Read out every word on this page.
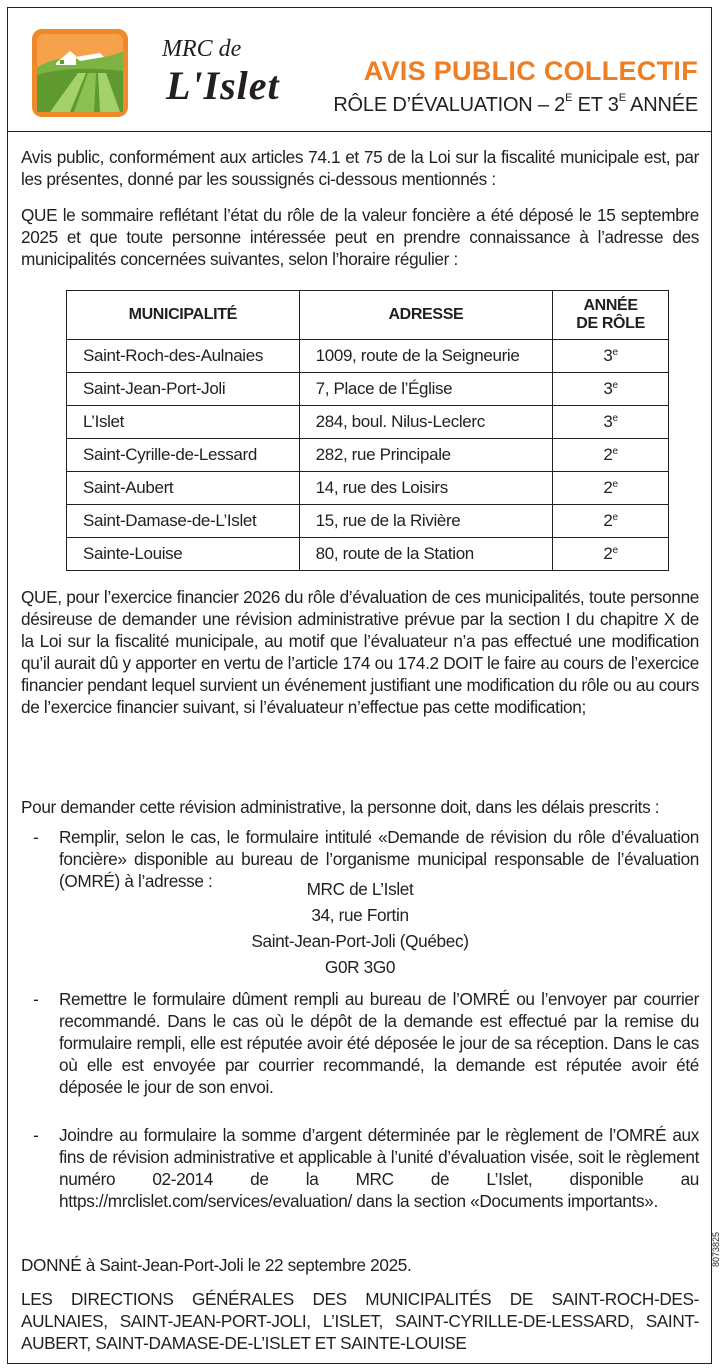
MRC de
L'Islet	AVIS PUBLIC COLLECTIF
RÔLE D’ÉVALUATION – $2^E$ ET $3^E$ ANNÉE

Avis public, conformément aux articles 74.1 et 75 de la Loi sur la fiscalité municipale est, par les présentes, donné par les soussignés ci-dessous mentionnés :

QUE le sommaire reflétant l’état du rôle de la valeur foncière a été déposé le 15 septembre 2025 et que toute personne intéressée peut en prendre connaissance à l’adresse des municipalités concernées suivantes, selon l’horaire régulier :

MUNICIPALITÉ	ADRESSE	ANNÉE
DE RÔLE
Saint-Roch-des-Aulnaies	1009, route de la Seigneurie	3e
Saint-Jean-Port-Joli	7, Place de l’Église	3e
L’Islet	284, boul. Nilus-Leclerc	3e
Saint-Cyrille-de-Lessard	282, rue Principale	2e
Saint-Aubert	14, rue des Loisirs	2e
Saint-Damase-de-L’Islet	15, rue de la Rivière	2e
Sainte-Louise	80, route de la Station	2e

QUE, pour l’exercice financier 2026 du rôle d’évaluation de ces municipalités, toute personne désireuse de demander une révision administrative prévue par la section I du chapitre X de la Loi sur la fiscalité municipale, au motif que l’évaluateur n’a pas effectué une modification qu’il aurait dû y apporter en vertu de l’article 174 ou 174.2 DOIT le faire au cours de l’exercice financier pendant lequel survient un événement justifiant une modification du rôle ou au cours de l’exercice financier suivant, si l’évaluateur n’effectue pas cette modification;

Pour demander cette révision administrative, la personne doit, dans les délais prescrits :

- Remplir, selon le cas, le formulaire intitulé «Demande de révision du rôle d’évaluation foncière» disponible au bureau de l’organisme municipal responsable de l’évaluation (OMRÉ) à l’adresse :	MRC de L’Islet
34, rue Fortin
Saint-Jean-Port-Joli (Québec)
G0R 3G0
- Remettre le formulaire dûment rempli au bureau de l’OMRÉ ou l’envoyer par courrier recommandé. Dans le cas où le dépôt de la demande est effectué par la remise du formulaire rempli, elle est réputée avoir été déposée le jour de sa réception. Dans le cas où elle est envoyée par courrier recommandé, la demande est réputée avoir été déposée le jour de son envoi.
- Joindre au formulaire la somme d’argent déterminée par le règlement de l’OMRÉ aux fins de révision administrative et applicable à l’unité d’évaluation visée, soit le règlement numéro 02-2014 de la MRC de L’Islet, disponible au https://mrclislet.com/services/evaluation/ dans la section «Documents importants».

DONNÉ à Saint-Jean-Port-Joli le 22 septembre 2025.

LES DIRECTIONS GÉNÉRALES DES MUNICIPALITÉS DE SAINT-ROCH-DES-AULNAIES, SAINT-JEAN-PORT-JOLI, L’ISLET, SAINT-CYRILLE-DE-LESSARD, SAINT-AUBERT, SAINT-DAMASE-DE-L’ISLET ET SAINTE-LOUISE

8073825
